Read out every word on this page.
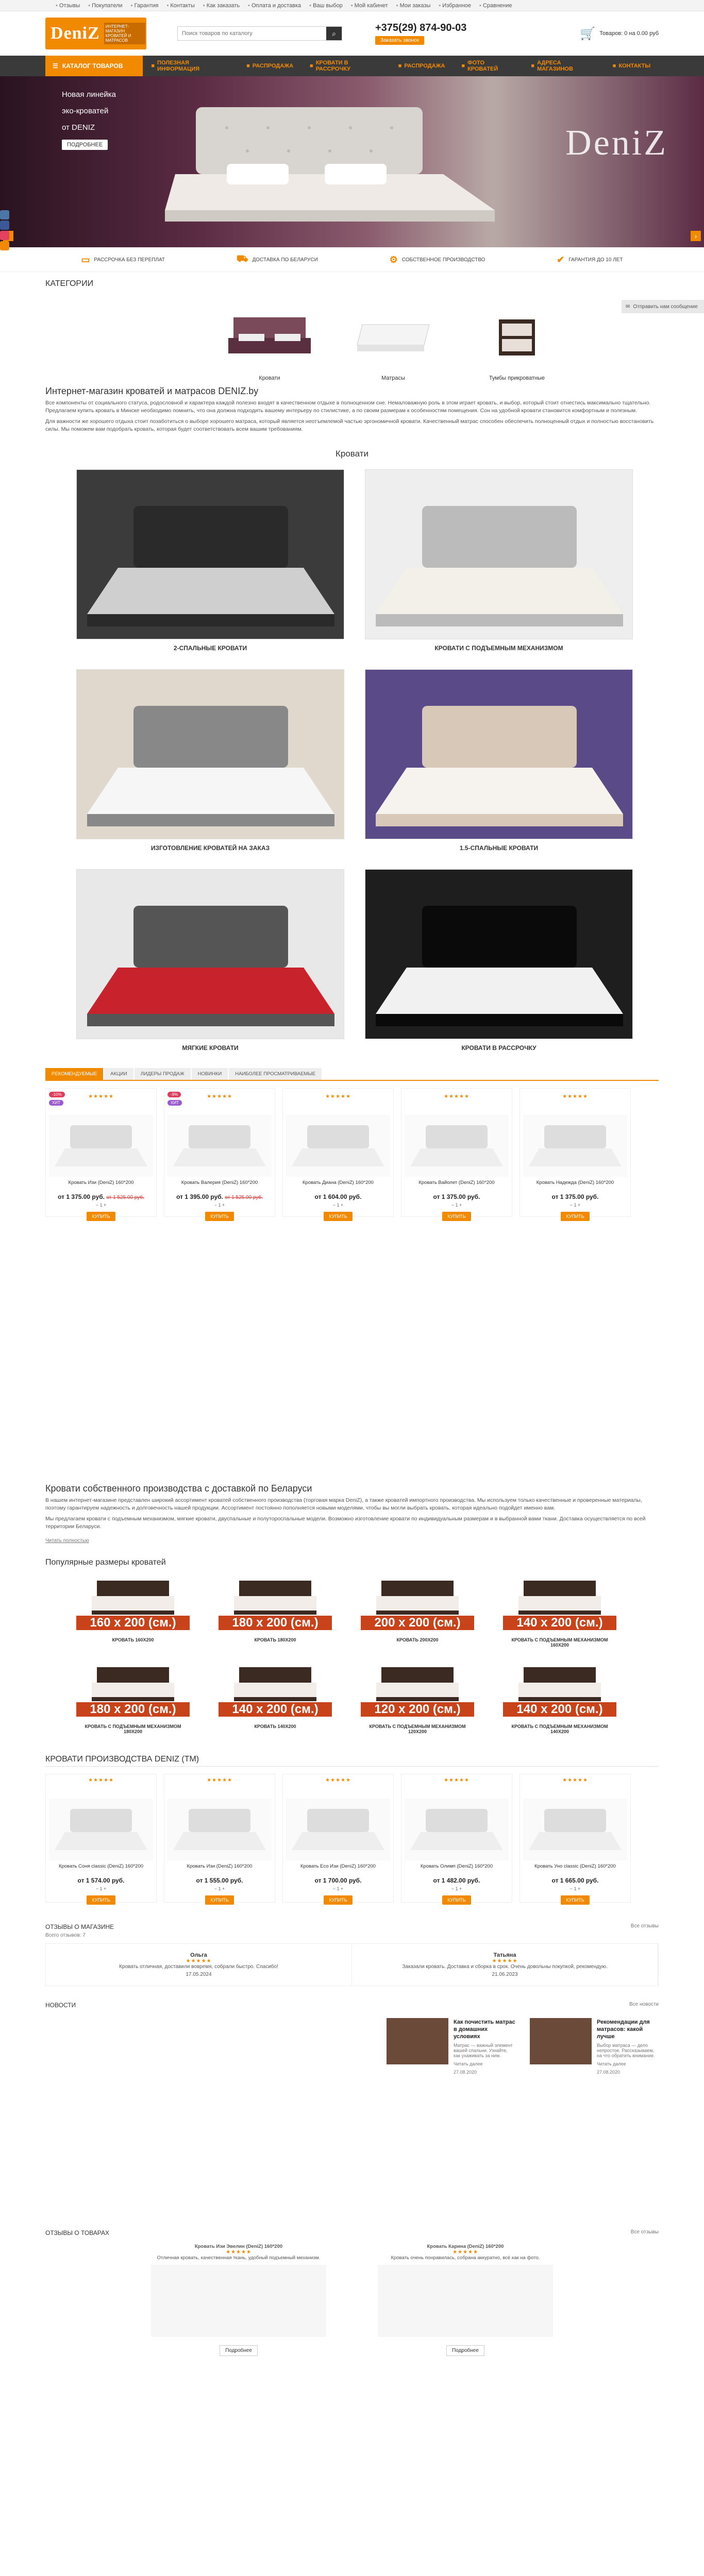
▪ Отзывы ▪ Покупатели ▪ Гарантия ▪ Контакты ▪ Как заказать ▪ Оплата и доставка ▪ Ваш выбор ▪ Мой кабинет ▪ Мои заказы ▪ Избранное ▪ Сравнение
DeniZ	ИНТЕРНЕТ-МАГАЗИН КРОВАТЕЙ И МАТРАСОВ
Поиск товаров по каталогу
⌕	+375(29) 874-90-03
Заказать звонок	🛒 Товаров: 0 на 0.00 руб
☰ КАТАЛОГ ТОВАРОВ	■ ПОЛЕЗНАЯ ИНФОРМАЦИЯ	■ РАСПРОДАЖА	■ КРОВАТИ В РАССРОЧКУ	■ РАСПРОДАЖА	■ ФОТО КРОВАТЕЙ	■ АДРЕСА МАГАЗИНОВ	■ КОНТАКТЫ
Новая линейка
эко-кроватей
от DENIZ
ПОДРОБНЕЕ	DeniZ
›
▭ РАССРОЧКА БЕЗ ПЕРЕПЛАТ	⛟ ДОСТАВКА ПО БЕЛАРУСИ	⚙ СОБСТВЕННОЕ ПРОИЗВОДСТВО	✔ ГАРАНТИЯ ДО 10 ЛЕТ
КАТЕГОРИИ

Кровати	Матрасы	Тумбы прикроватные

✉ Отправить нам сообщение
Интернет-магазин кроватей и матрасов DENIZ.by

Все компоненты от социального статуса, родословной и характера каждой полезно входят в качественном отдыхе в полноценном сне. Немаловажную роль в этом играет кровать, и выбор, который стоит отнестись максимально тщательно. Предлагаем купить кровать в Минске необходимо помнить, что она должна подходить вашему интерьеру по стилистике, а по своим размерам к особенностям помещения. Сон на удобной кровати становится комфортным и полезным.

Для важности же хорошего отдыха стоит позаботиться о выборе хорошего матраса, который является неотъемлемой частью эргономичной кровати. Качественный матрас способен обеспечить полноценный отдых и полностью восстановить силы. Мы поможем вам подобрать кровать, которая будет соответствовать всем вашим требованиям.

Кровати

2-СПАЛЬНЫЕ КРОВАТИ	КРОВАТИ С ПОДЪЕМНЫМ МЕХАНИЗМОМ

ИЗГОТОВЛЕНИЕ КРОВАТЕЙ НА ЗАКАЗ	1.5-СПАЛЬНЫЕ КРОВАТИ

МЯГКИЕ КРОВАТИ	КРОВАТИ В РАССРОЧКУ

РЕКОМЕНДУЕМЫЕ	АКЦИИ	ЛИДЕРЫ ПРОДАЖ	НОВИНКИ	НАИБОЛЕЕ ПРОСМАТРИВАЕМЫЕ
-10%
ХИТ
★★★★★
Кровать Изи (DeniZ) 160*200
от 1 375.00 руб. от 1 525.00 руб.
− 1 +
КУПИТЬ
-9%
ХИТ
★★★★★
Кровать Валерия (DeniZ) 160*200
от 1 395.00 руб. от 1 525.00 руб.
− 1 +
КУПИТЬ
★★★★★
Кровать Диана (DeniZ) 160*200
от 1 604.00 руб.
− 1 +
КУПИТЬ
★★★★★
Кровать Вайолет (DeniZ) 160*200
от 1 375.00 руб.
− 1 +
КУПИТЬ
★★★★★
Кровать Надежда (DeniZ) 160*200
от 1 375.00 руб.
− 1 +
КУПИТЬ
Кровати собственного производства с доставкой по Беларуси

В нашем интернет-магазине представлен широкий ассортимент кроватей собственного производства (торговая марка DeniZ), а также кроватей импортного производства. Мы используем только качественные и проверенные материалы, поэтому гарантируем надежность и долговечность нашей продукции. Ассортимент постоянно пополняется новыми моделями, чтобы вы могли выбрать кровать, которая идеально подойдет именно вам.

Мы предлагаем кровати с подъемным механизмом, мягкие кровати, двуспальные и полутороспальные модели. Возможно изготовление кровати по индивидуальным размерам и в выбранной вами ткани. Доставка осуществляется по всей территории Беларуси.

Читать полностью
Популярные размеры кроватей
160 x 200 (см.)

КРОВАТЬ 160X200

180 x 200 (см.)

КРОВАТЬ 180X200

200 x 200 (см.)

КРОВАТЬ 200X200

140 x 200 (см.)

КРОВАТЬ С ПОДЪЕМНЫМ МЕХАНИЗМОМ 160X200

180 x 200 (см.)

КРОВАТЬ С ПОДЪЕМНЫМ МЕХАНИЗМОМ 180X200

140 x 200 (см.)

КРОВАТЬ 140X200

120 x 200 (см.)

КРОВАТЬ С ПОДЪЕМНЫМ МЕХАНИЗМОМ 120X200

140 x 200 (см.)

КРОВАТЬ С ПОДЪЕМНЫМ МЕХАНИЗМОМ 140X200

КРОВАТИ ПРОИЗВОДСТВА DENIZ (ТМ)
★★★★★
Кровать Соня classic (DeniZ) 160*200
от 1 574.00 руб.
− 1 +
КУПИТЬ
★★★★★
Кровать Изи (DeniZ) 160*200
от 1 555.00 руб.
− 1 +
КУПИТЬ
★★★★★
Кровать Eco Изи (DeniZ) 160*200
от 1 700.00 руб.
− 1 +
КУПИТЬ
★★★★★
Кровать Олимп (DeniZ) 160*200
от 1 482.00 руб.
− 1 +
КУПИТЬ
★★★★★
Кровать Уно classic (DeniZ) 160*200
от 1 665.00 руб.
− 1 +
КУПИТЬ
ОТЗЫВЫ О МАГАЗИНЕ	Все отзывы
Всего отзывов: 7
Ольга
★★★★★

Кровать отличная, доставили вовремя, собрали быстро. Спасибо!

17.05.2024
Татьяна
★★★★★

Заказали кровать. Доставка и сборка в срок. Очень довольны покупкой, рекомендую.

21.06.2023
НОВОСТИ	Все новости
Как почистить матрас в домашних условиях

Матрас — важный элемент вашей спальни. Узнайте, как ухаживать за ним.

Читать далее

27.08.2020

Рекомендации для матрасов: какой лучше

Выбор матраса — дело непростое. Рассказываем, на что обратить внимание.

Читать далее

27.08.2020

ОТЗЫВЫ О ТОВАРАХ	Все отзывы
Кровать Изи Эвелин (DeniZ) 160*200
★★★★★

Отличная кровать, качественная ткань, удобный подъемный механизм.

Подробнее
Кровать Карина (DeniZ) 160*200
★★★★★

Кровать очень понравилась, собрана аккуратно, всё как на фото.

Подробнее
